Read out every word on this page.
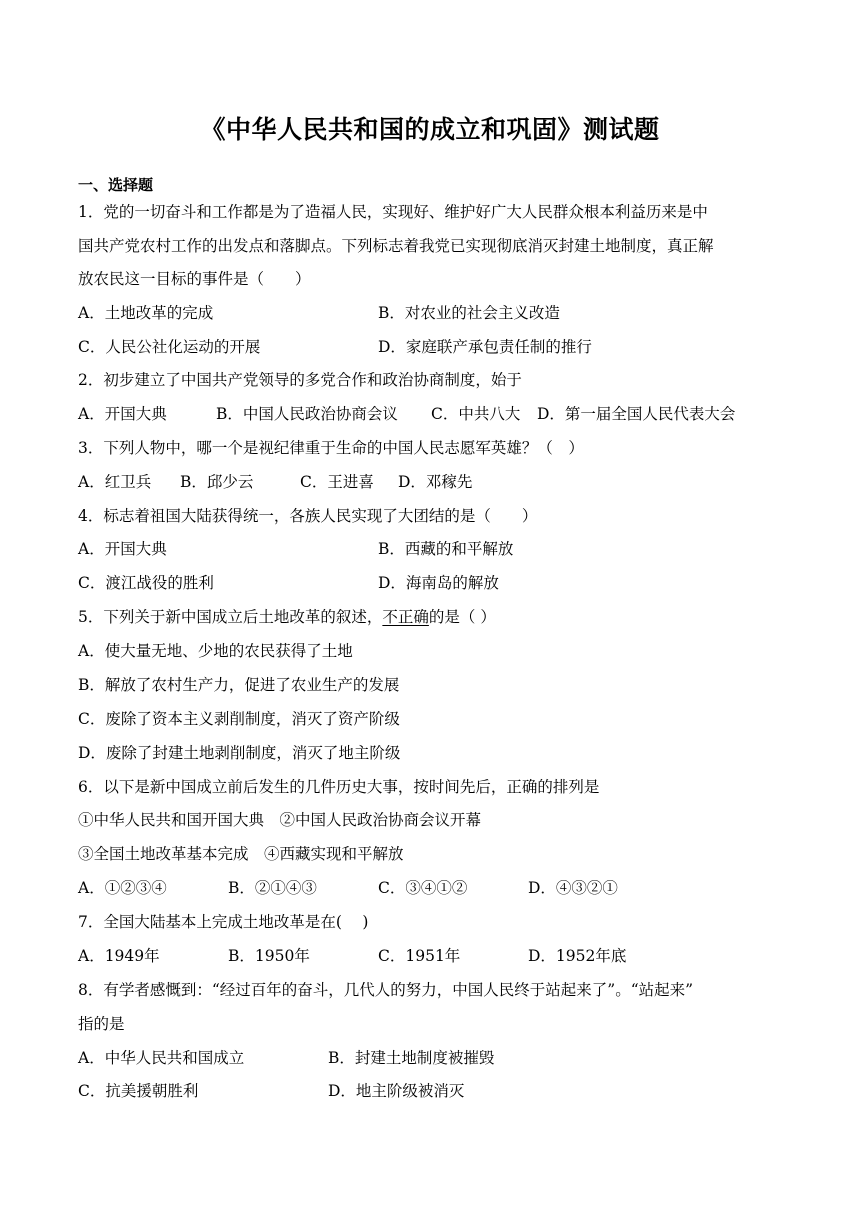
《中华人民共和国的成立和巩固》测试题
一、选择题
1．党的一切奋斗和工作都是为了造福人民，实现好、维护好广大人民群众根本利益历来是中
国共产党农村工作的出发点和落脚点。下列标志着我党已实现彻底消灭封建土地制度，真正解
放农民这一目标的事件是（　　）
A．土地改革的完成	B．对农业的社会主义改造
C．人民公社化运动的开展	D．家庭联产承包责任制的推行
2．初步建立了中国共产党领导的多党合作和政治协商制度，始于
A．开国大典	B．中国人民政治协商会议 C．中共八大 D．第一届全国人民代表大会
3．下列人物中，哪一个是视纪律重于生命的中国人民志愿军英雄？（　）
A．红卫兵 B．邱少云	C．王进喜 D．邓稼先
4．标志着祖国大陆获得统一，各族人民实现了大团结的是（　　）
A．开国大典	B．西藏的和平解放
C．渡江战役的胜利	D．海南岛的解放
5．下列关于新中国成立后土地改革的叙述，不正确的是（ ）
A．使大量无地、少地的农民获得了土地
B．解放了农村生产力，促进了农业生产的发展
C．废除了资本主义剥削制度，消灭了资产阶级
D．废除了封建土地剥削制度，消灭了地主阶级
6．以下是新中国成立前后发生的几件历史大事，按时间先后，正确的排列是
①中华人民共和国开国大典　②中国人民政治协商会议开幕
③全国土地改革基本完成　④西藏实现和平解放
A．①②③④	B．②①④③	C．③④①②	D．④③②①
7．全国大陆基本上完成土地改革是在(　 )
A．1949年	B．1950年	C．1951年	D．1952年底
8．有学者感慨到：“经过百年的奋斗，几代人的努力，中国人民终于站起来了”。“站起来”
指的是
A．中华人民共和国成立	B．封建土地制度被摧毁
C．抗美援朝胜利	D．地主阶级被消灭
